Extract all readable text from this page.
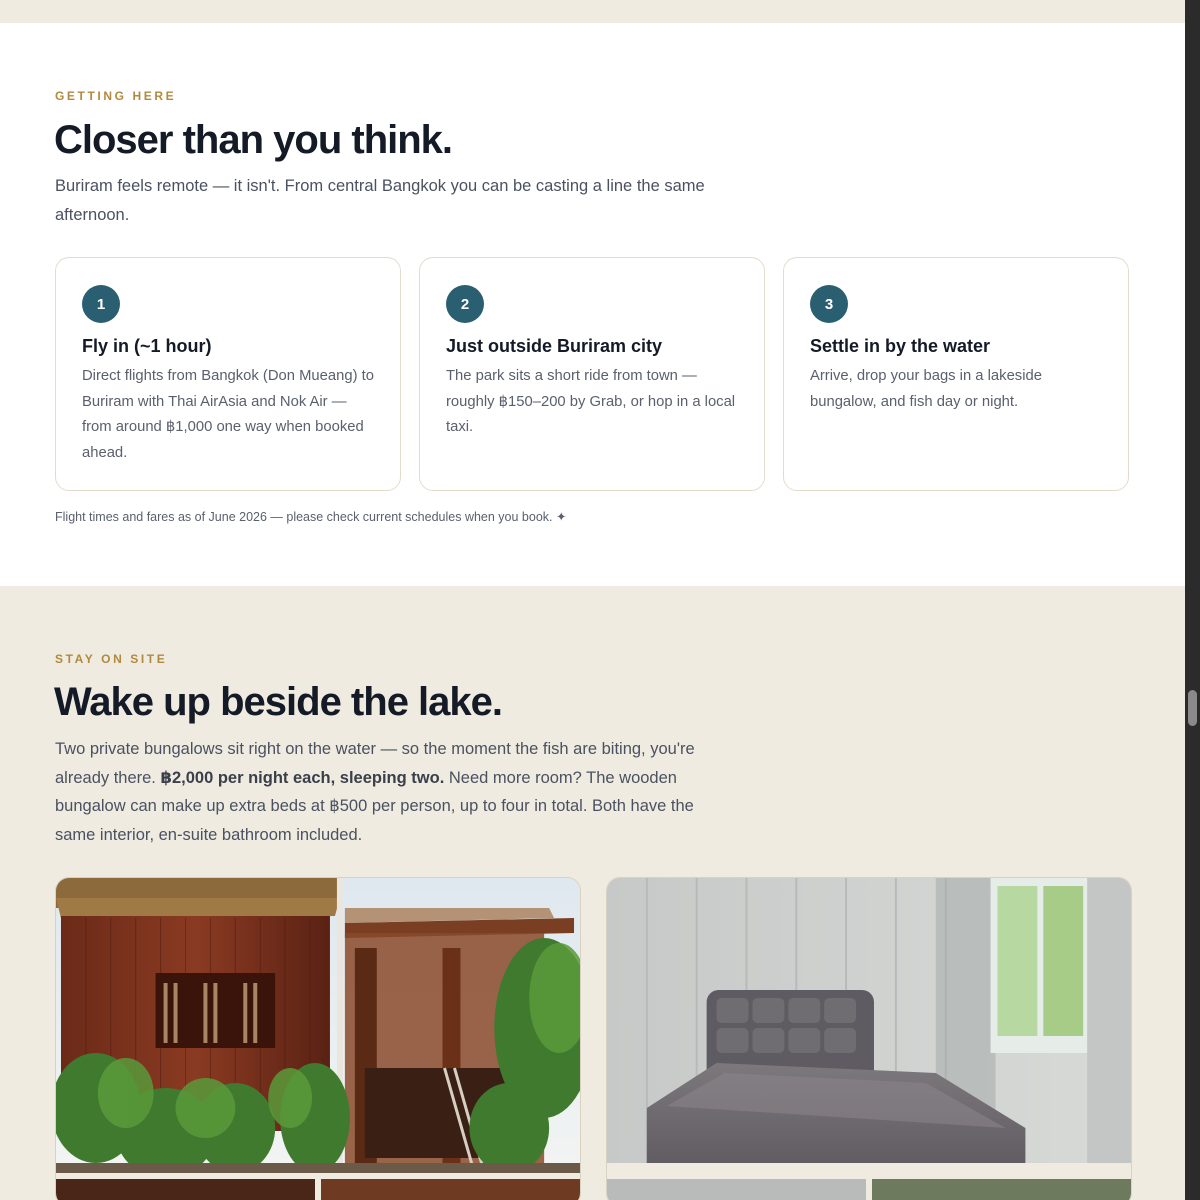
GETTING HERE
Closer than you think.

Buriram feels remote — it isn't. From central Bangkok you can be casting a line the same afternoon.

1
Fly in (~1 hour)
Direct flights from Bangkok (Don Mueang) to Buriram with Thai AirAsia and Nok Air — from around ฿1,000 one way when booked ahead.
2
Just outside Buriram city
The park sits a short ride from town — roughly ฿150–200 by Grab, or hop in a local taxi.
3
Settle in by the water
Arrive, drop your bags in a lakeside bungalow, and fish day or night.
Flight times and fares as of June 2026 — please check current schedules when you book. ✦
STAY ON SITE
Wake up beside the lake.

Two private bungalows sit right on the water — so the moment the fish are biting, you're already there. ฿2,000 per night each, sleeping two. Need more room? The wooden bungalow can make up extra beds at ฿500 per person, up to four in total. Both have the same interior, en-suite bathroom included.
